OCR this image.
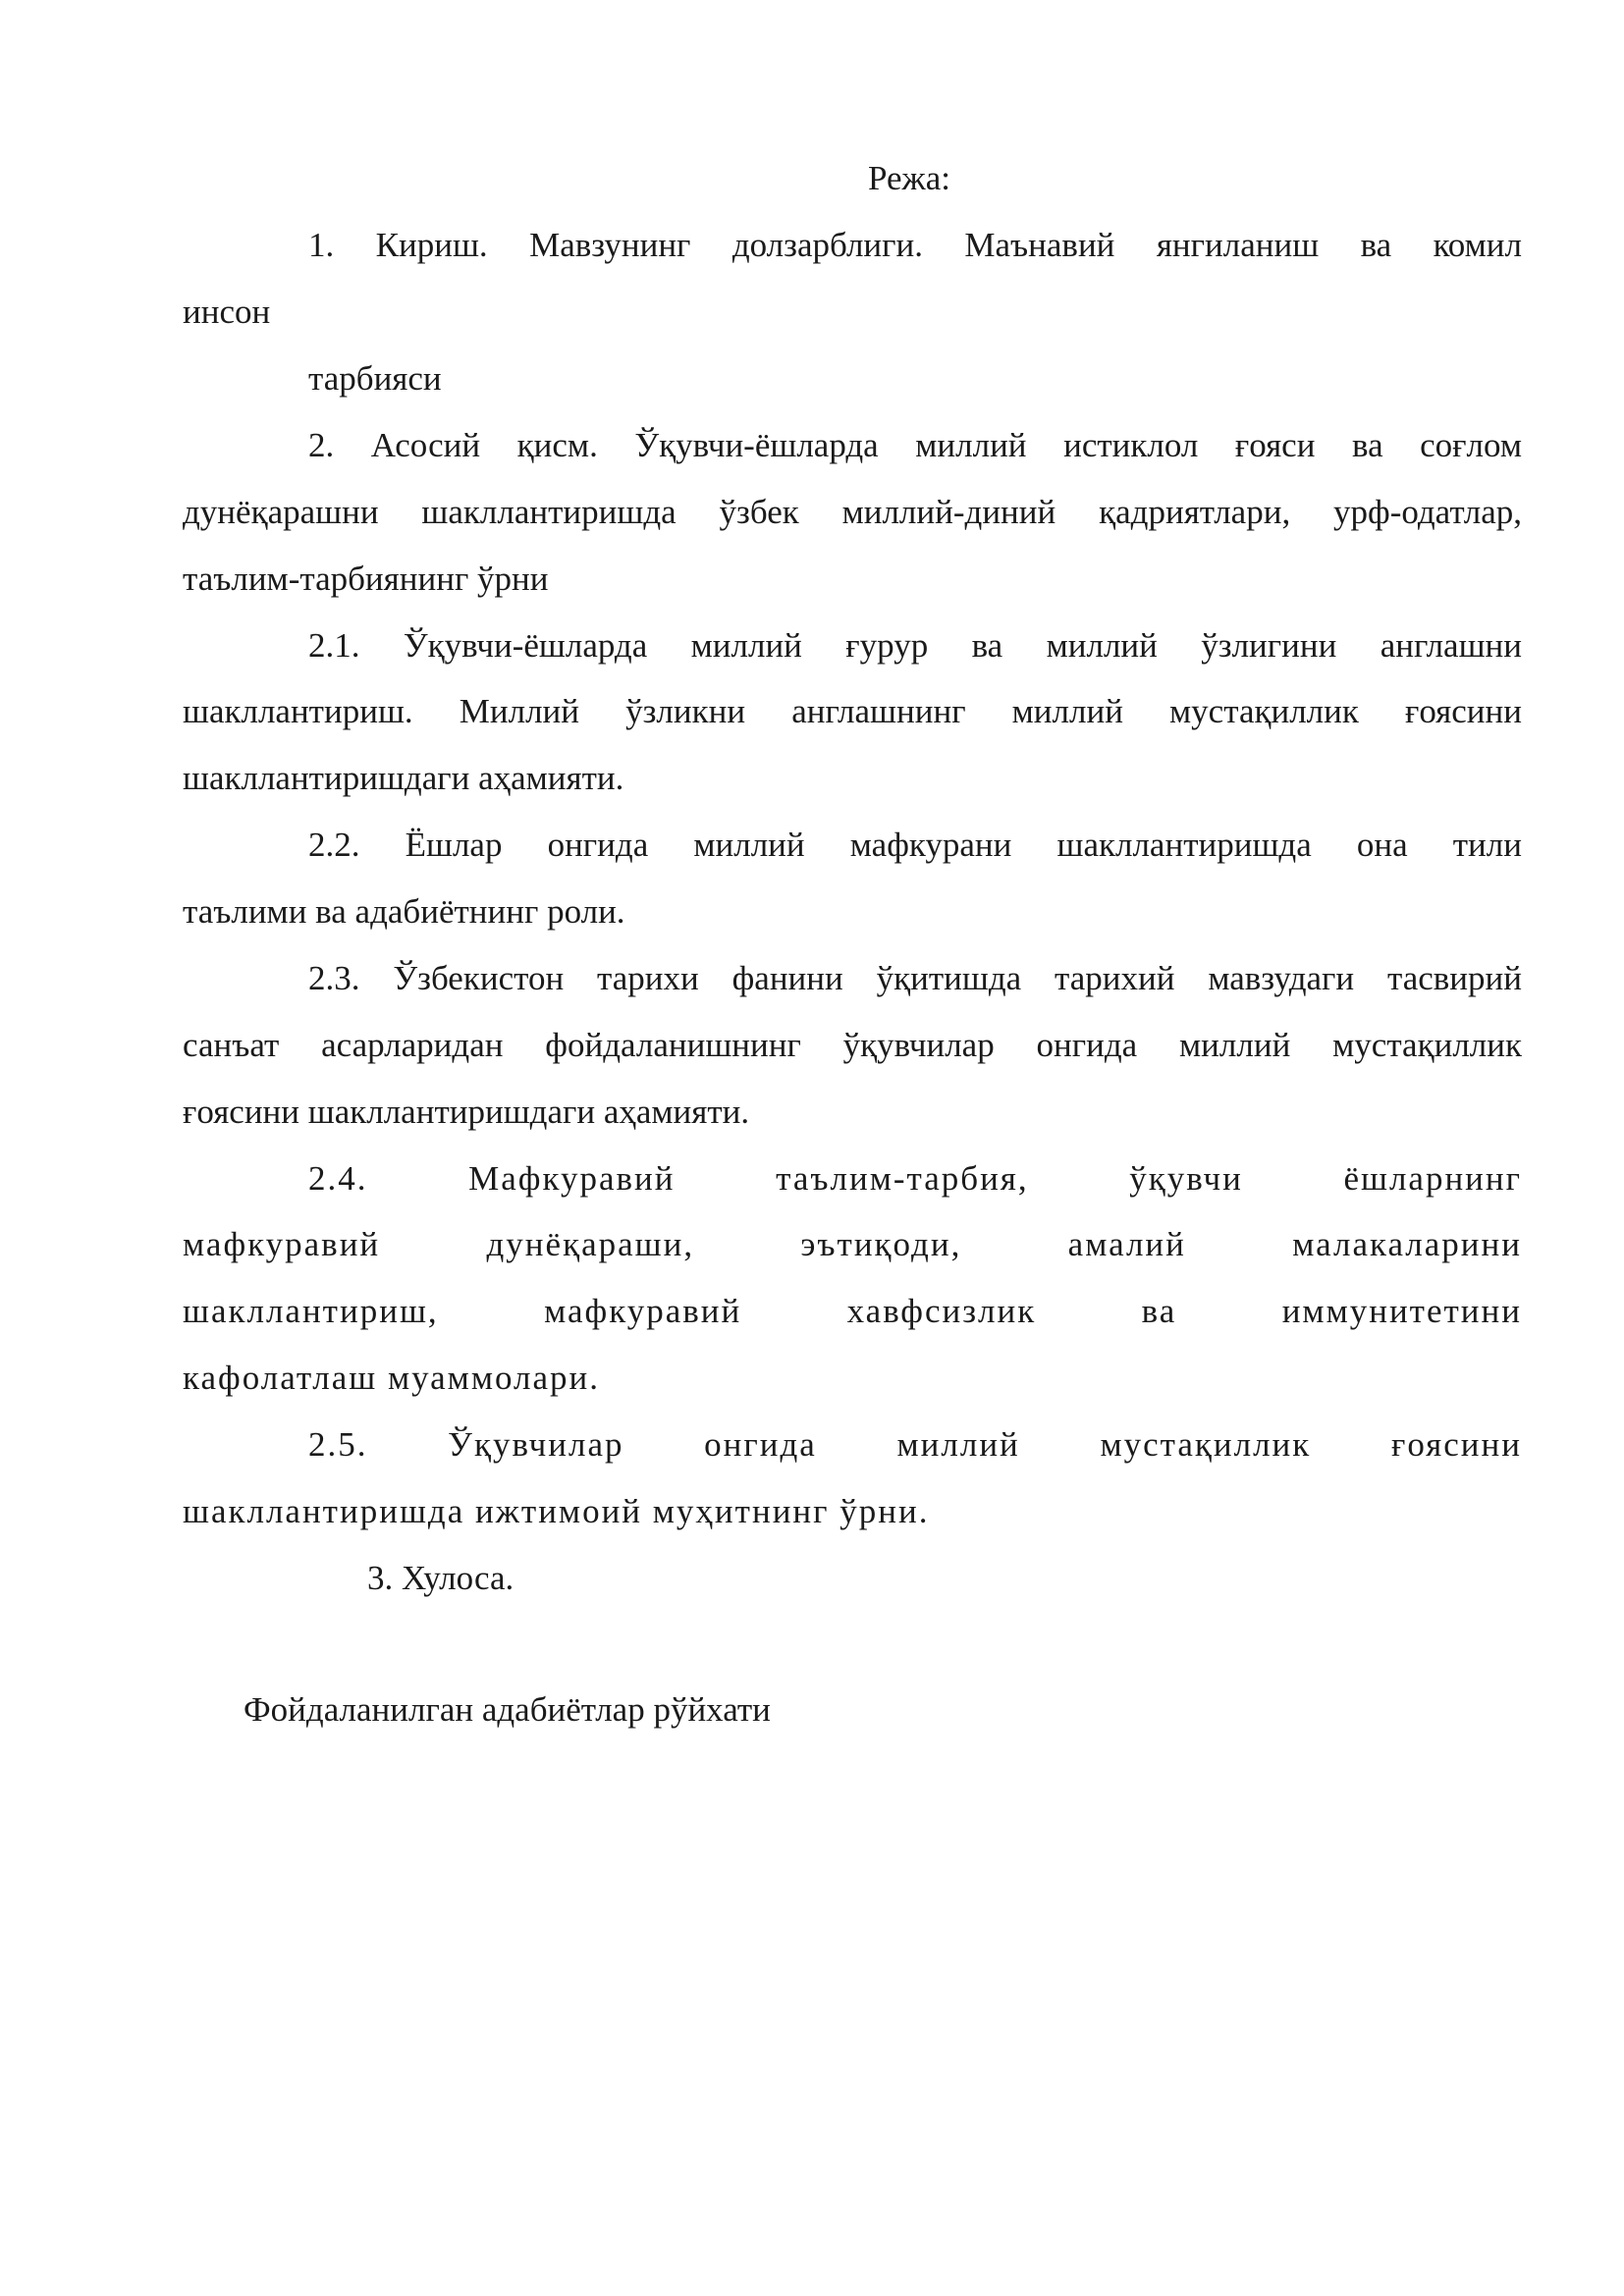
Режа:
1. Кириш. Мавзунинг долзарблиги. Маънавий янгиланиш ва комил
инсон
тарбияси
2. Асосий қисм. Ўқувчи-ёшларда миллий истиклол ғояси ва соғлом
дунёқарашни шакллантиришда ўзбек миллий-диний қадриятлари, урф-одатлар,
таълим-тарбиянинг ўрни
2.1. Ўқувчи-ёшларда миллий ғурур ва миллий ўзлигини англашни
шакллантириш. Миллий ўзликни англашнинг миллий мустақиллик ғоясини
шакллантиришдаги аҳамияти.
2.2. Ёшлар онгида миллий мафкурани шакллантиришда она тили
таълими ва адабиётнинг роли.
2.3. Ўзбекистон тарихи фанини ўқитишда тарихий мавзудаги тасвирий
санъат асарларидан фойдаланишнинг ўқувчилар онгида миллий мустақиллик
ғоясини шакллантиришдаги аҳамияти.
2.4. Мафкуравий таълим-тарбия, ўқувчи ёшларнинг
мафкуравий дунёқараши, эътиқоди, амалий малакаларини
шакллантириш, мафкуравий хавфсизлик ва иммунитетини
кафолатлаш муаммолари.
2.5. Ўқувчилар онгида миллий мустақиллик ғоясини
шакллантиришда ижтимоий муҳитнинг ўрни.
3. Хулоса.
Фойдаланилган адабиётлар рўйхати
